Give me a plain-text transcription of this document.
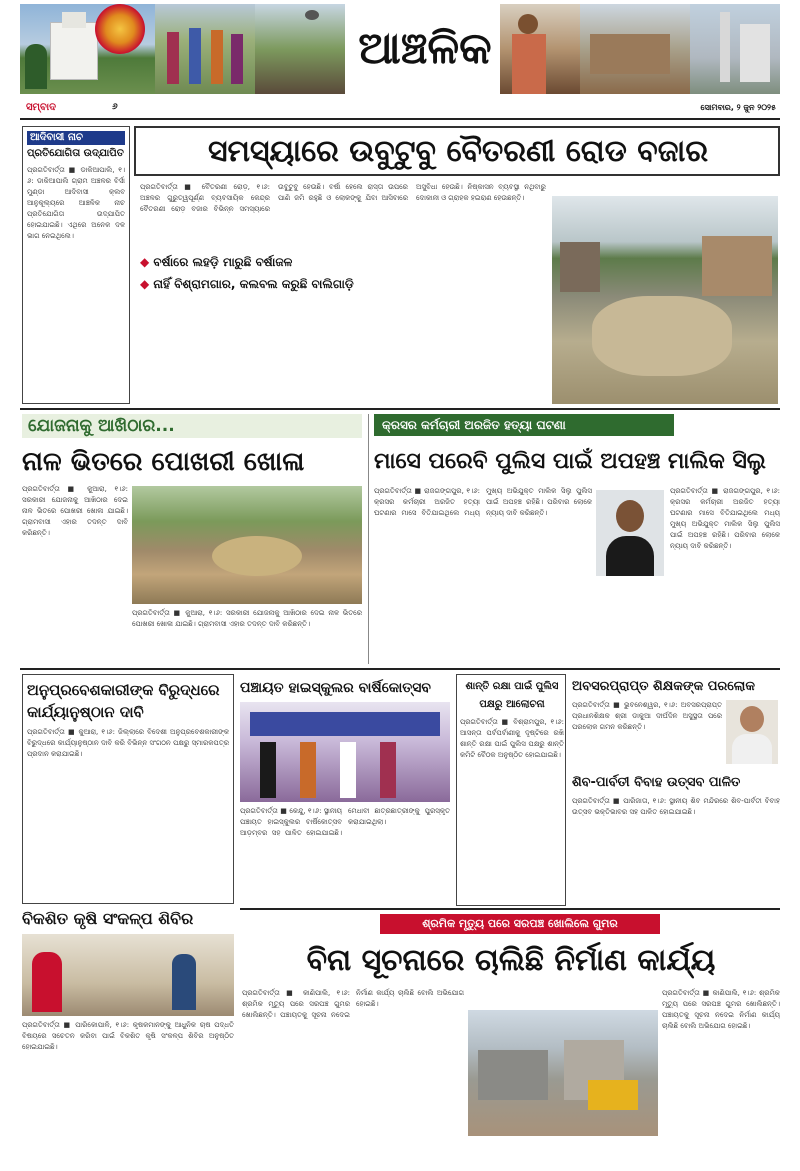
ଆଞ୍ଚଳିକ
ସମ୍ବାଦ	୬	ସୋମବାର, ୨ ଜୁନ ୨୦୨୫
ଆଦିବାସୀ ନାଚ
ପ୍ରତିଯୋଗିତା ଉଦ୍‌ଯାପିତ

ପ୍ରଗତିବାର୍ତ୍ତା ■ ଡାକିଆପାଲି, ୧।୬: ଡାକିଆପାଲି ଗ୍ରାମ ଅଞ୍ଚଳର ବିର୍ସା ମୁଣ୍ଡା ଆଦିବାସୀ କ୍ଲବ ଆନୁକୂଲ୍ୟରେ ଆଞ୍ଚଳିକ ନାଚ ପ୍ରତିଯୋଗିତା ଉଦ୍‌ଯାପିତ ହୋଇଯାଇଛି। ଏଥିରେ ଅନେକ ଦଳ ଭାଗ ନେଇଥିଲେ।

ସମସ୍ୟାରେ ଉବୁଟୁବୁ ବୈତରଣୀ ରୋଡ ବଜାର
◆ ବର୍ଷାରେ ଲହଡ଼ି ମାରୁଛି ବର୍ଷାଜଳ
◆ ନାହିଁ ବିଶ୍ରାମଗାର, କଲବଲ କରୁଛି ବାଲିଗାଡ଼ି

ପ୍ରଗତିବାର୍ତ୍ତା ■ ବୈତରଣୀ ରୋଡ଼, ୧।୬: ଅଞ୍ଚଳର ଗୁରୁତ୍ୱପୂର୍ଣ୍ଣ ବ୍ୟବସାୟିକ କେନ୍ଦ୍ର ବୈତରଣୀ ରୋଡ଼ ବଜାର ବିଭିନ୍ନ ସମସ୍ୟାରେ ଉବୁଟୁବୁ ହେଉଛି। ବର୍ଷା ହେଲେ ରାସ୍ତା ଉପରେ ପାଣି ଜମି ରହୁଛି ଓ ଲୋକଙ୍କୁ ଯିବା ଆସିବାରେ ଅସୁବିଧା ହେଉଛି। ନିଷ୍କାସନ ବ୍ୟବସ୍ଥା ନଥିବାରୁ ଦୋକାନୀ ଓ ଗ୍ରାହକ ହଇରାଣ ହେଉଛନ୍ତି।

ଯୋଜନାକୁ ଆଖିଠାର...
ନାଳ ଭିତରେ ପୋଖରୀ ଖୋଳା

ପ୍ରଗତିବାର୍ତ୍ତା ■ କୁଆରା, ୧।୬: ସରକାରୀ ଯୋଜନାକୁ ଆଖିଠାର ଦେଇ ନାଳ ଭିତରେ ପୋଖରୀ ଖୋଳା ଯାଇଛି। ଗ୍ରାମବାସୀ ଏହାର ତଦନ୍ତ ଦାବି କରିଛନ୍ତି।

ପ୍ରଗତିବାର୍ତ୍ତା ■ କୁଆରା, ୧।୬: ସରକାରୀ ଯୋଜନାକୁ ଆଖିଠାର ଦେଇ ନାଳ ଭିତରେ ପୋଖରୀ ଖୋଳା ଯାଇଛି। ଗ୍ରାମବାସୀ ଏହାର ତଦନ୍ତ ଦାବି କରିଛନ୍ତି।

କ୍ରସର କର୍ମଚାରୀ ଅରଜିତ ହତ୍ୟା ଘଟଣା
ମାସେ ପରେବି ପୁଲିସ ପାଇଁ ଅପହଞ୍ଚ ମାଲିକ ସିଲୁ

ପ୍ରଗତିବାର୍ତ୍ତା ■ ରାଜଗଙ୍ଗପୁର, ୧।୬: କ୍ରସର କର୍ମଚାରୀ ଅରଜିତ ହତ୍ୟା ଘଟଣାର ମାସେ ବିତିଯାଇଥିଲେ ମଧ୍ୟ ମୁଖ୍ୟ ଅଭିଯୁକ୍ତ ମାଲିକ ସିଲୁ ପୁଲିସ ପାଇଁ ଅପହଞ୍ଚ ରହିଛି। ପରିବାର ଲୋକେ ନ୍ୟାୟ ଦାବି କରିଛନ୍ତି।

ପ୍ରଗତିବାର୍ତ୍ତା ■ ରାଜଗଙ୍ଗପୁର, ୧।୬: କ୍ରସର କର୍ମଚାରୀ ଅରଜିତ ହତ୍ୟା ଘଟଣାର ମାସେ ବିତିଯାଇଥିଲେ ମଧ୍ୟ ମୁଖ୍ୟ ଅଭିଯୁକ୍ତ ମାଲିକ ସିଲୁ ପୁଲିସ ପାଇଁ ଅପହଞ୍ଚ ରହିଛି। ପରିବାର ଲୋକେ ନ୍ୟାୟ ଦାବି କରିଛନ୍ତି।

ଅନୁପ୍ରବେଶକାରୀଙ୍କ ବିରୁଦ୍ଧରେ କାର୍ଯ୍ୟାନୁଷ୍ଠାନ ଦାବି

ପ୍ରଗତିବାର୍ତ୍ତା ■ କୁଆରା, ୧।୬: ଜିଲ୍ଲାରେ ବିଦେଶୀ ଅନୁପ୍ରବେଶକାରୀଙ୍କ ବିରୁଦ୍ଧରେ କାର୍ଯ୍ୟାନୁଷ୍ଠାନ ଦାବି କରି ବିଭିନ୍ନ ସଂଗଠନ ପକ୍ଷରୁ ସ୍ମାରକପତ୍ର ପ୍ରଦାନ କରାଯାଇଛି।

ବିକଶିତ କୃଷି ସଂକଳ୍ପ ଶିବିର

ପ୍ରଗତିବାର୍ତ୍ତା ■ ପାରିକୋପାଳି, ୧।୬: କୃଷକମାନଙ୍କୁ ଆଧୁନିକ ଚାଷ ପଦ୍ଧତି ବିଷୟରେ ସଚେତନ କରିବା ପାଇଁ ବିକଶିତ କୃଷି ସଂକଳ୍ପ ଶିବିର ଅନୁଷ୍ଠିତ ହୋଇଯାଇଛି।

ପଞ୍ଚାୟତ ହାଇସ୍କୁଲର ବାର୍ଷିକୋତ୍ସବ

ପ୍ରଗତିବାର୍ତ୍ତା ■ କେନ୍ଦୁ, ୧।୬: ସ୍ଥାନୀୟ ପଞ୍ଚାୟତ ହାଇସ୍କୁଲର ବାର୍ଷିକୋତ୍ସବ ଆଡ଼ମ୍ବର ସହ ପାଳିତ ହୋଇଯାଇଛି। ମେଧାବୀ ଛାତ୍ରଛାତ୍ରୀଙ୍କୁ ପୁରସ୍କୃତ କରାଯାଇଥିଲା।

ଶାନ୍ତି ରକ୍ଷା ପାଇଁ ପୁଲିସ ପକ୍ଷରୁ ଆଲୋଚନା

ପ୍ରଗତିବାର୍ତ୍ତା ■ ବିଶ୍ରାମପୁର, ୧।୬: ଆସନ୍ତା ପର୍ବପର୍ବାଣୀକୁ ଦୃଷ୍ଟିରେ ରଖି ଶାନ୍ତି ରକ୍ଷା ପାଇଁ ପୁଲିସ ପକ୍ଷରୁ ଶାନ୍ତି କମିଟି ବୈଠକ ଅନୁଷ୍ଠିତ ହୋଇଯାଇଛି।

ଅବସରପ୍ରାପ୍ତ ଶିକ୍ଷକଙ୍କ ପରଲୋକ

ପ୍ରଗତିବାର୍ତ୍ତା ■ ଭୁବନେଶ୍ୱର, ୧।୬: ଅବସରପ୍ରାପ୍ତ ପ୍ରଧାନଶିକ୍ଷକ ଶ୍ରୀ ଡାକୁଆ ଦୀର୍ଘଦିନ ଅସୁସ୍ଥତା ପରେ ପରଲୋକ ଗମନ କରିଛନ୍ତି।

ଶିବ-ପାର୍ବତୀ ବିବାହ ଉତ୍ସବ ପାଳିତ

ପ୍ରଗତିବାର୍ତ୍ତା ■ ପାରିଜାତା, ୧।୬: ସ୍ଥାନୀୟ ଶିବ ମନ୍ଦିରରେ ଶିବ-ପାର୍ବତୀ ବିବାହ ଉତ୍ସବ ଭକ୍ତିଭାବର ସହ ପାଳିତ ହୋଇଯାଇଛି।

ଶ୍ରମିକ ମୃତ୍ୟୁ ପରେ ସରପଞ୍ଚ ଖୋଲିଲେ ଗୁମର
ବିନା ସୂଚନାରେ ଚାଲିଛି ନିର୍ମାଣ କାର୍ଯ୍ୟ

ପ୍ରଗତିବାର୍ତ୍ତା ■ କାଣିପାଲି, ୧।୬: ଶ୍ରମିକ ମୃତ୍ୟୁ ପରେ ସରପଞ୍ଚ ଗୁମର ଖୋଲିଛନ୍ତି। ପଞ୍ଚାୟତକୁ ସୂଚନା ନଦେଇ ନିର୍ମାଣ କାର୍ଯ୍ୟ ଚାଲିଛି ବୋଲି ଅଭିଯୋଗ ହୋଇଛି।

ପ୍ରଗତିବାର୍ତ୍ତା ■ କାଣିପାଲି, ୧।୬: ଶ୍ରମିକ ମୃତ୍ୟୁ ପରେ ସରପଞ୍ଚ ଗୁମର ଖୋଲିଛନ୍ତି। ପଞ୍ଚାୟତକୁ ସୂଚନା ନଦେଇ ନିର୍ମାଣ କାର୍ଯ୍ୟ ଚାଲିଛି ବୋଲି ଅଭିଯୋଗ ହୋଇଛି।
